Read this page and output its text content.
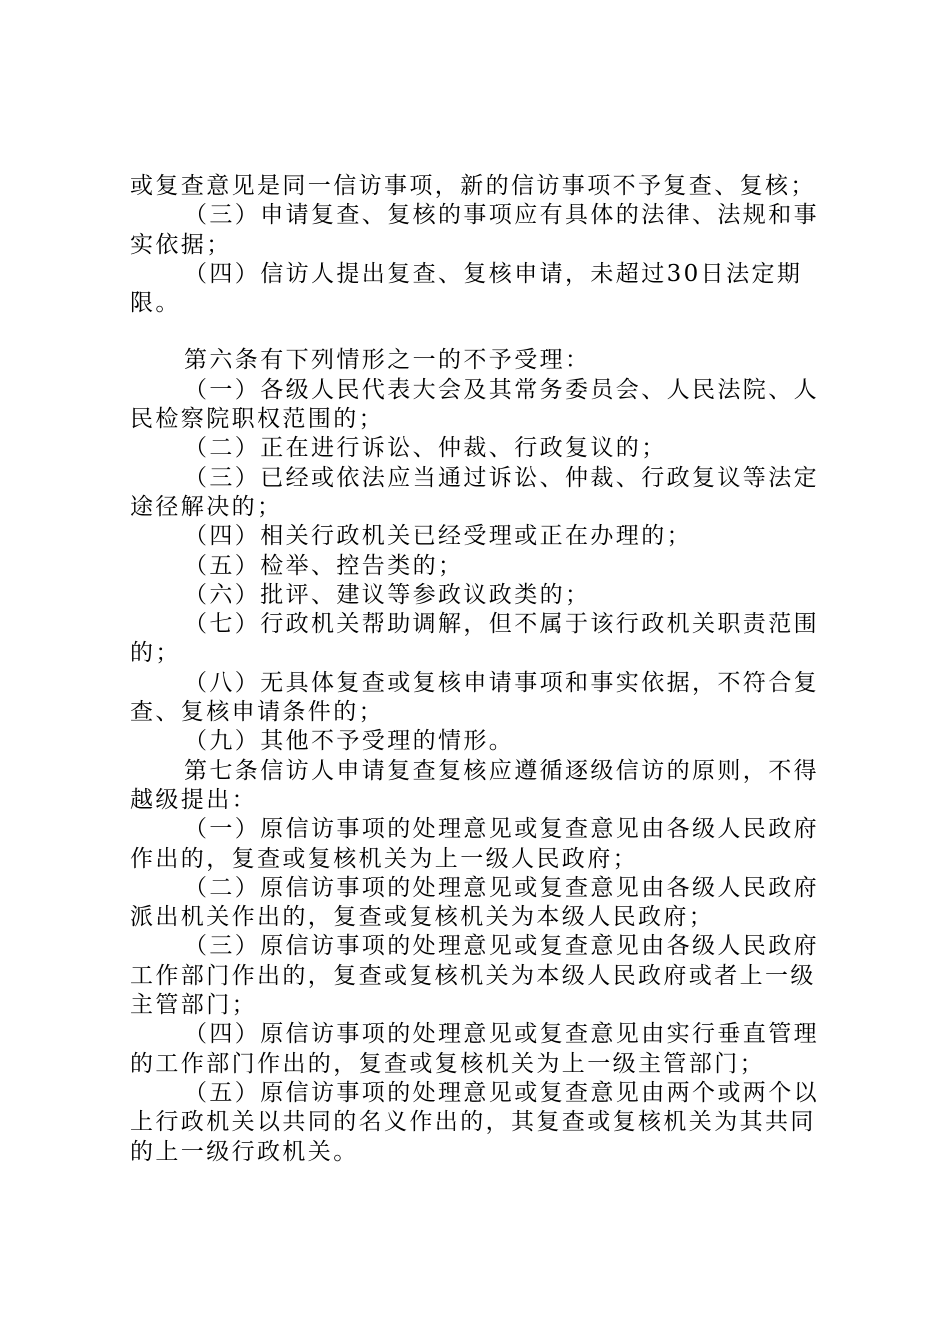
或复查意见是同一信访事项，新的信访事项不予复查、复核；

（三）申请复查、复核的事项应有具体的法律、法规和事实依据；

（四）信访人提出复查、复核申请，未超过30日法定期限。

第六条有下列情形之一的不予受理：

（一）各级人民代表大会及其常务委员会、人民法院、人民检察院职权范围的；

（二）正在进行诉讼、仲裁、行政复议的；

（三）已经或依法应当通过诉讼、仲裁、行政复议等法定途径解决的；

（四）相关行政机关已经受理或正在办理的；

（五）检举、控告类的；

（六）批评、建议等参政议政类的；

（七）行政机关帮助调解，但不属于该行政机关职责范围的；

（八）无具体复查或复核申请事项和事实依据，不符合复查、复核申请条件的；

（九）其他不予受理的情形。

第七条信访人申请复查复核应遵循逐级信访的原则，不得越级提出：

（一）原信访事项的处理意见或复查意见由各级人民政府作出的，复查或复核机关为上一级人民政府；

（二）原信访事项的处理意见或复查意见由各级人民政府派出机关作出的，复查或复核机关为本级人民政府；

（三）原信访事项的处理意见或复查意见由各级人民政府工作部门作出的，复查或复核机关为本级人民政府或者上一级主管部门；

（四）原信访事项的处理意见或复查意见由实行垂直管理的工作部门作出的，复查或复核机关为上一级主管部门；

（五）原信访事项的处理意见或复查意见由两个或两个以上行政机关以共同的名义作出的，其复查或复核机关为其共同的上一级行政机关。
